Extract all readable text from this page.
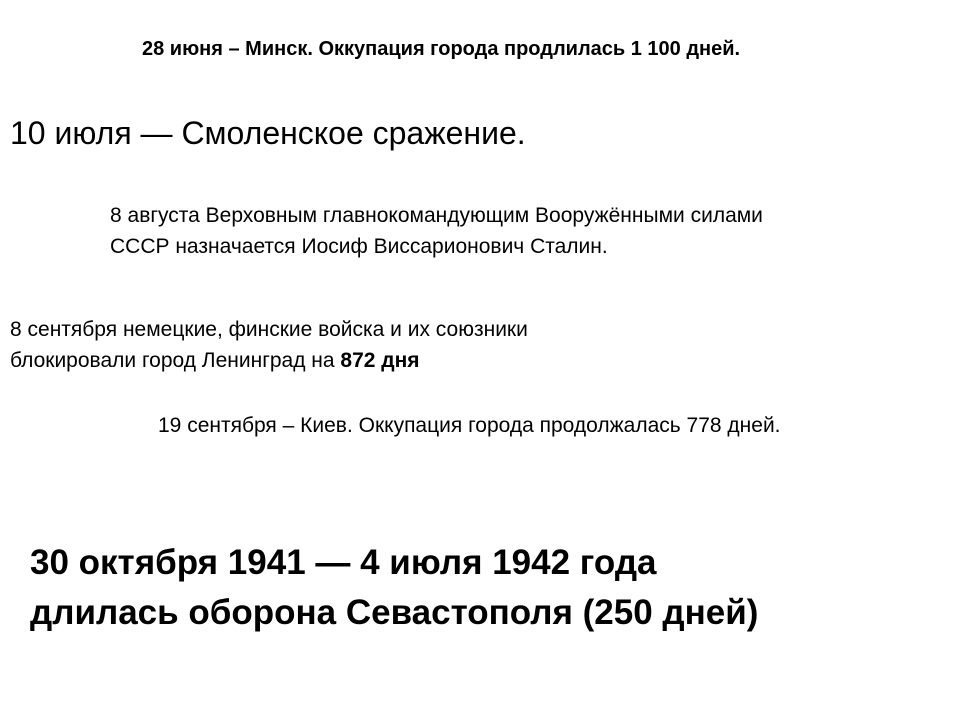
28 июня – Минск. Оккупация города продлилась 1 100 дней.

10 июля — Смоленское сражение.

8 августа Верховным главнокомандующим Вооружёнными силами

СССР назначается Иосиф Виссарионович Сталин.

8 сентября немецкие, финские войска и их союзники

блокировали город Ленинград на 872 дня

19 сентября – Киев. Оккупация города продолжалась 778 дней.

30 октября 1941 — 4 июля 1942 года

длилась оборона Севастополя (250 дней)
